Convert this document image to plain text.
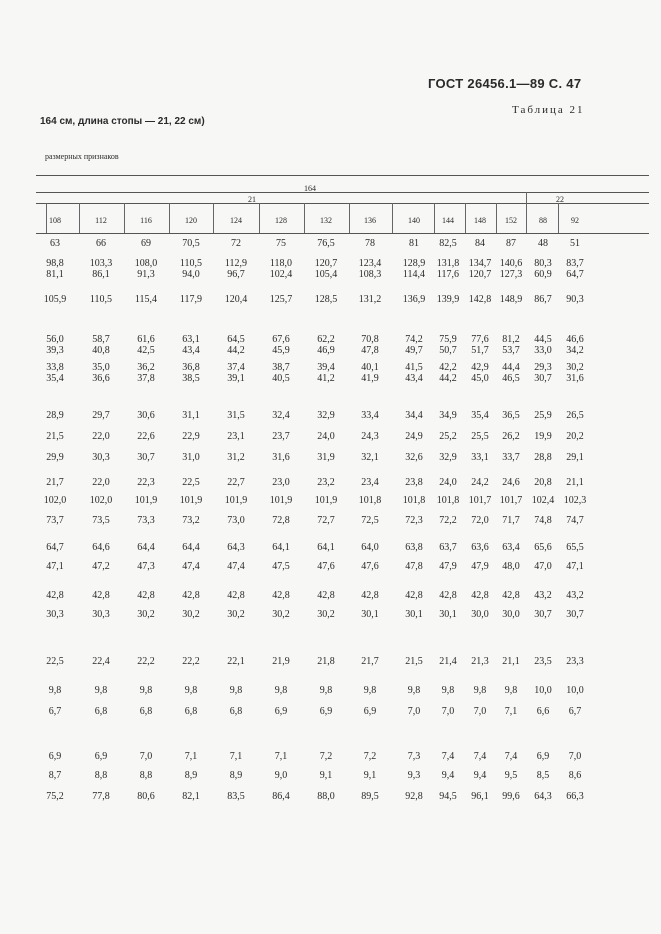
ГОСТ 26456.1—89 С. 47
Таблица 21
164 см, длина стопы — 21, 22 см)
размерных признаков
164
21	22
108	112	116	120	124	128	132	136	140	144	148	152	88	92
63	66	69	70,5	72	75	76,5	78	81	82,5	84	87	48	51
98,8	103,3	108,0	110,5	112,9	118,0	120,7	123,4	128,9	131,8 134,7 140,6	80,3	83,7
81,1	86,1	91,3	94,0	96,7	102,4	105,4	108,3	114,4	117,6 120,7 127,3	60,9	64,7
105,9	110,5	115,4	117,9	120,4	125,7	128,5	131,2	136,9	139,9 142,8 148,9	86,7	90,3
56,0	58,7	61,6	63,1	64,5	67,6	62,2	70,8	74,2	75,9	77,6	81,2	44,5	46,6
39,3	40,8	42,5	43,4	44,2	45,9	46,9	47,8	49,7	50,7	51,7	53,7	33,0	34,2
33,8	35,0	36,2	36,8	37,4	38,7	39,4	40,1	41,5	42,2	42,9	44,4	29,3	30,2
35,4	36,6	37,8	38,5	39,1	40,5	41,2	41,9	43,4	44,2	45,0	46,5	30,7	31,6
28,9	29,7	30,6	31,1	31,5	32,4	32,9	33,4	34,4	34,9	35,4	36,5	25,9	26,5
21,5	22,0	22,6	22,9	23,1	23,7	24,0	24,3	24,9	25,2	25,5	26,2	19,9	20,2
29,9	30,3	30,7	31,0	31,2	31,6	31,9	32,1	32,6	32,9	33,1	33,7	28,8	29,1
21,7	22,0	22,3	22,5	22,7	23,0	23,2	23,4	23,8	24,0	24,2	24,6	20,8	21,1
102,0	102,0	101,9	101,9	101,9	101,9	101,9	101,8	101,8	101,8 101,7 101,7 102,4 102,3
73,7	73,5	73,3	73,2	73,0	72,8	72,7	72,5	72,3	72,2	72,0	71,7	74,8	74,7
64,7	64,6	64,4	64,4	64,3	64,1	64,1	64,0	63,8	63,7	63,6	63,4	65,6	65,5
47,1	47,2	47,3	47,4	47,4	47,5	47,6	47,6	47,8	47,9	47,9	48,0	47,0	47,1
42,8	42,8	42,8	42,8	42,8	42,8	42,8	42,8	42,8	42,8	42,8	42,8	43,2	43,2
30,3	30,3	30,2	30,2	30,2	30,2	30,2	30,1	30,1	30,1	30,0	30,0	30,7	30,7
22,5	22,4	22,2	22,2	22,1	21,9	21,8	21,7	21,5	21,4	21,3	21,1	23,5	23,3
9,8	9,8	9,8	9,8	9,8	9,8	9,8	9,8	9,8	9,8	9,8	9,8	10,0	10,0
6,7	6,8	6,8	6,8	6,8	6,9	6,9	6,9	7,0	7,0	7,0	7,1	6,6	6,7
6,9	6,9	7,0	7,1	7,1	7,1	7,2	7,2	7,3	7,4	7,4	7,4	6,9	7,0
8,7	8,8	8,8	8,9	8,9	9,0	9,1	9,1	9,3	9,4	9,4	9,5	8,5	8,6
75,2	77,8	80,6	82,1	83,5	86,4	88,0	89,5	92,8	94,5	96,1	99,6	64,3	66,3
